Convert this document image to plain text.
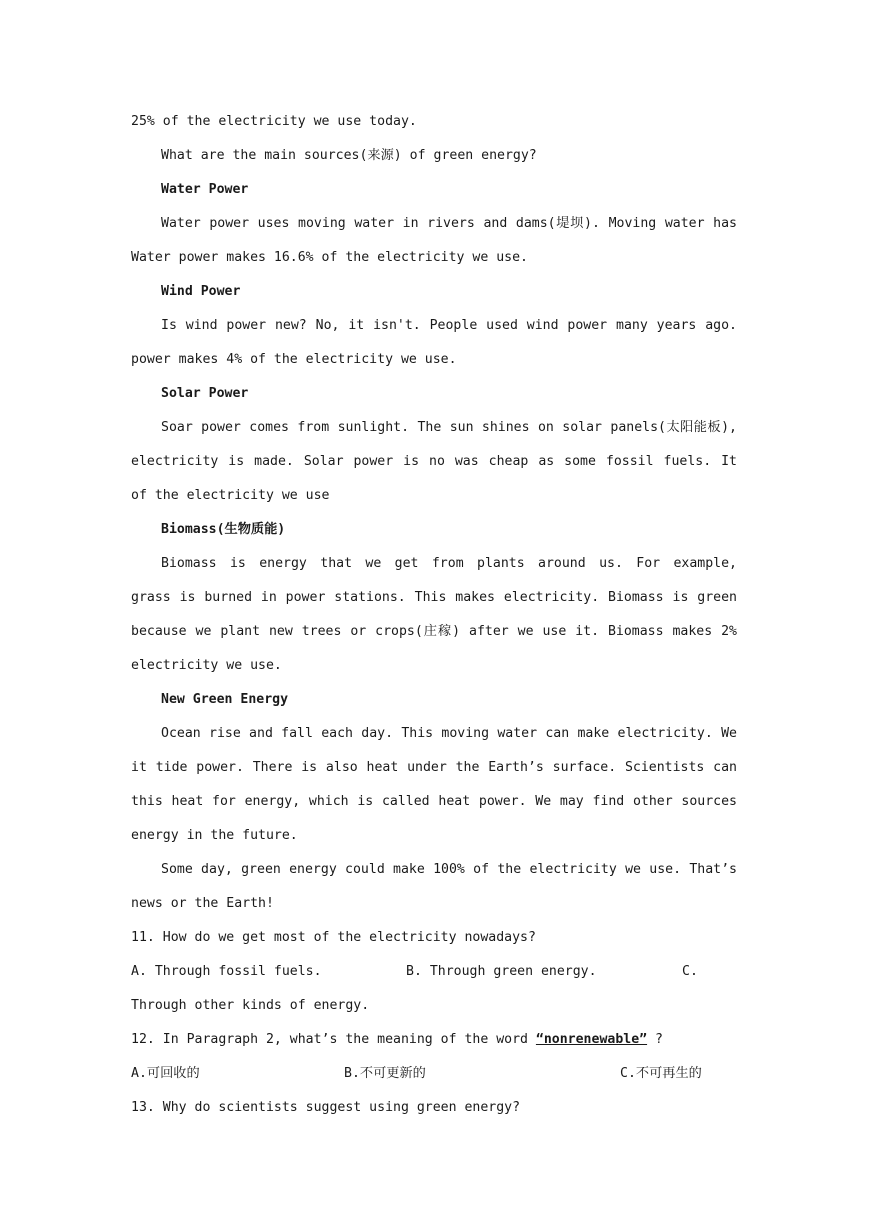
25% of the electricity we use today.
What are the main sources(来源) of green energy?
Water Power
Water power uses moving water in rivers and dams(堤坝). Moving water has
Water power makes 16.6% of the electricity we use.
Wind Power
Is wind power new? No, it isn't. People used wind power many years ago.
power makes 4% of the electricity we use.
Solar Power
Soar power comes from sunlight. The sun shines on solar panels(太阳能板),
electricity is made. Solar power is no was cheap as some fossil fuels. It
of the electricity we use
Biomass(生物质能)
Biomass is energy that we get from plants around us. For example,
grass is burned in power stations. This makes electricity. Biomass is green
because we plant new trees or crops(庄稼) after we use it. Biomass makes 2%
electricity we use.
New Green Energy
Ocean rise and fall each day. This moving water can make electricity. We
it tide power. There is also heat under the Earth’s surface. Scientists can
this heat for energy, which is called heat power. We may find other sources
energy in the future.
Some day, green energy could make 100% of the electricity we use. That’s
news or the Earth!
11. How do we get most of the electricity nowadays?
A. Through fossil fuels.	B. Through green energy.	C.
Through other kinds of energy.
12. In Paragraph 2, what’s the meaning of the word “nonrenewable” ?
A.可回收的	B.不可更新的	C.不可再生的
13. Why do scientists suggest using green energy?
